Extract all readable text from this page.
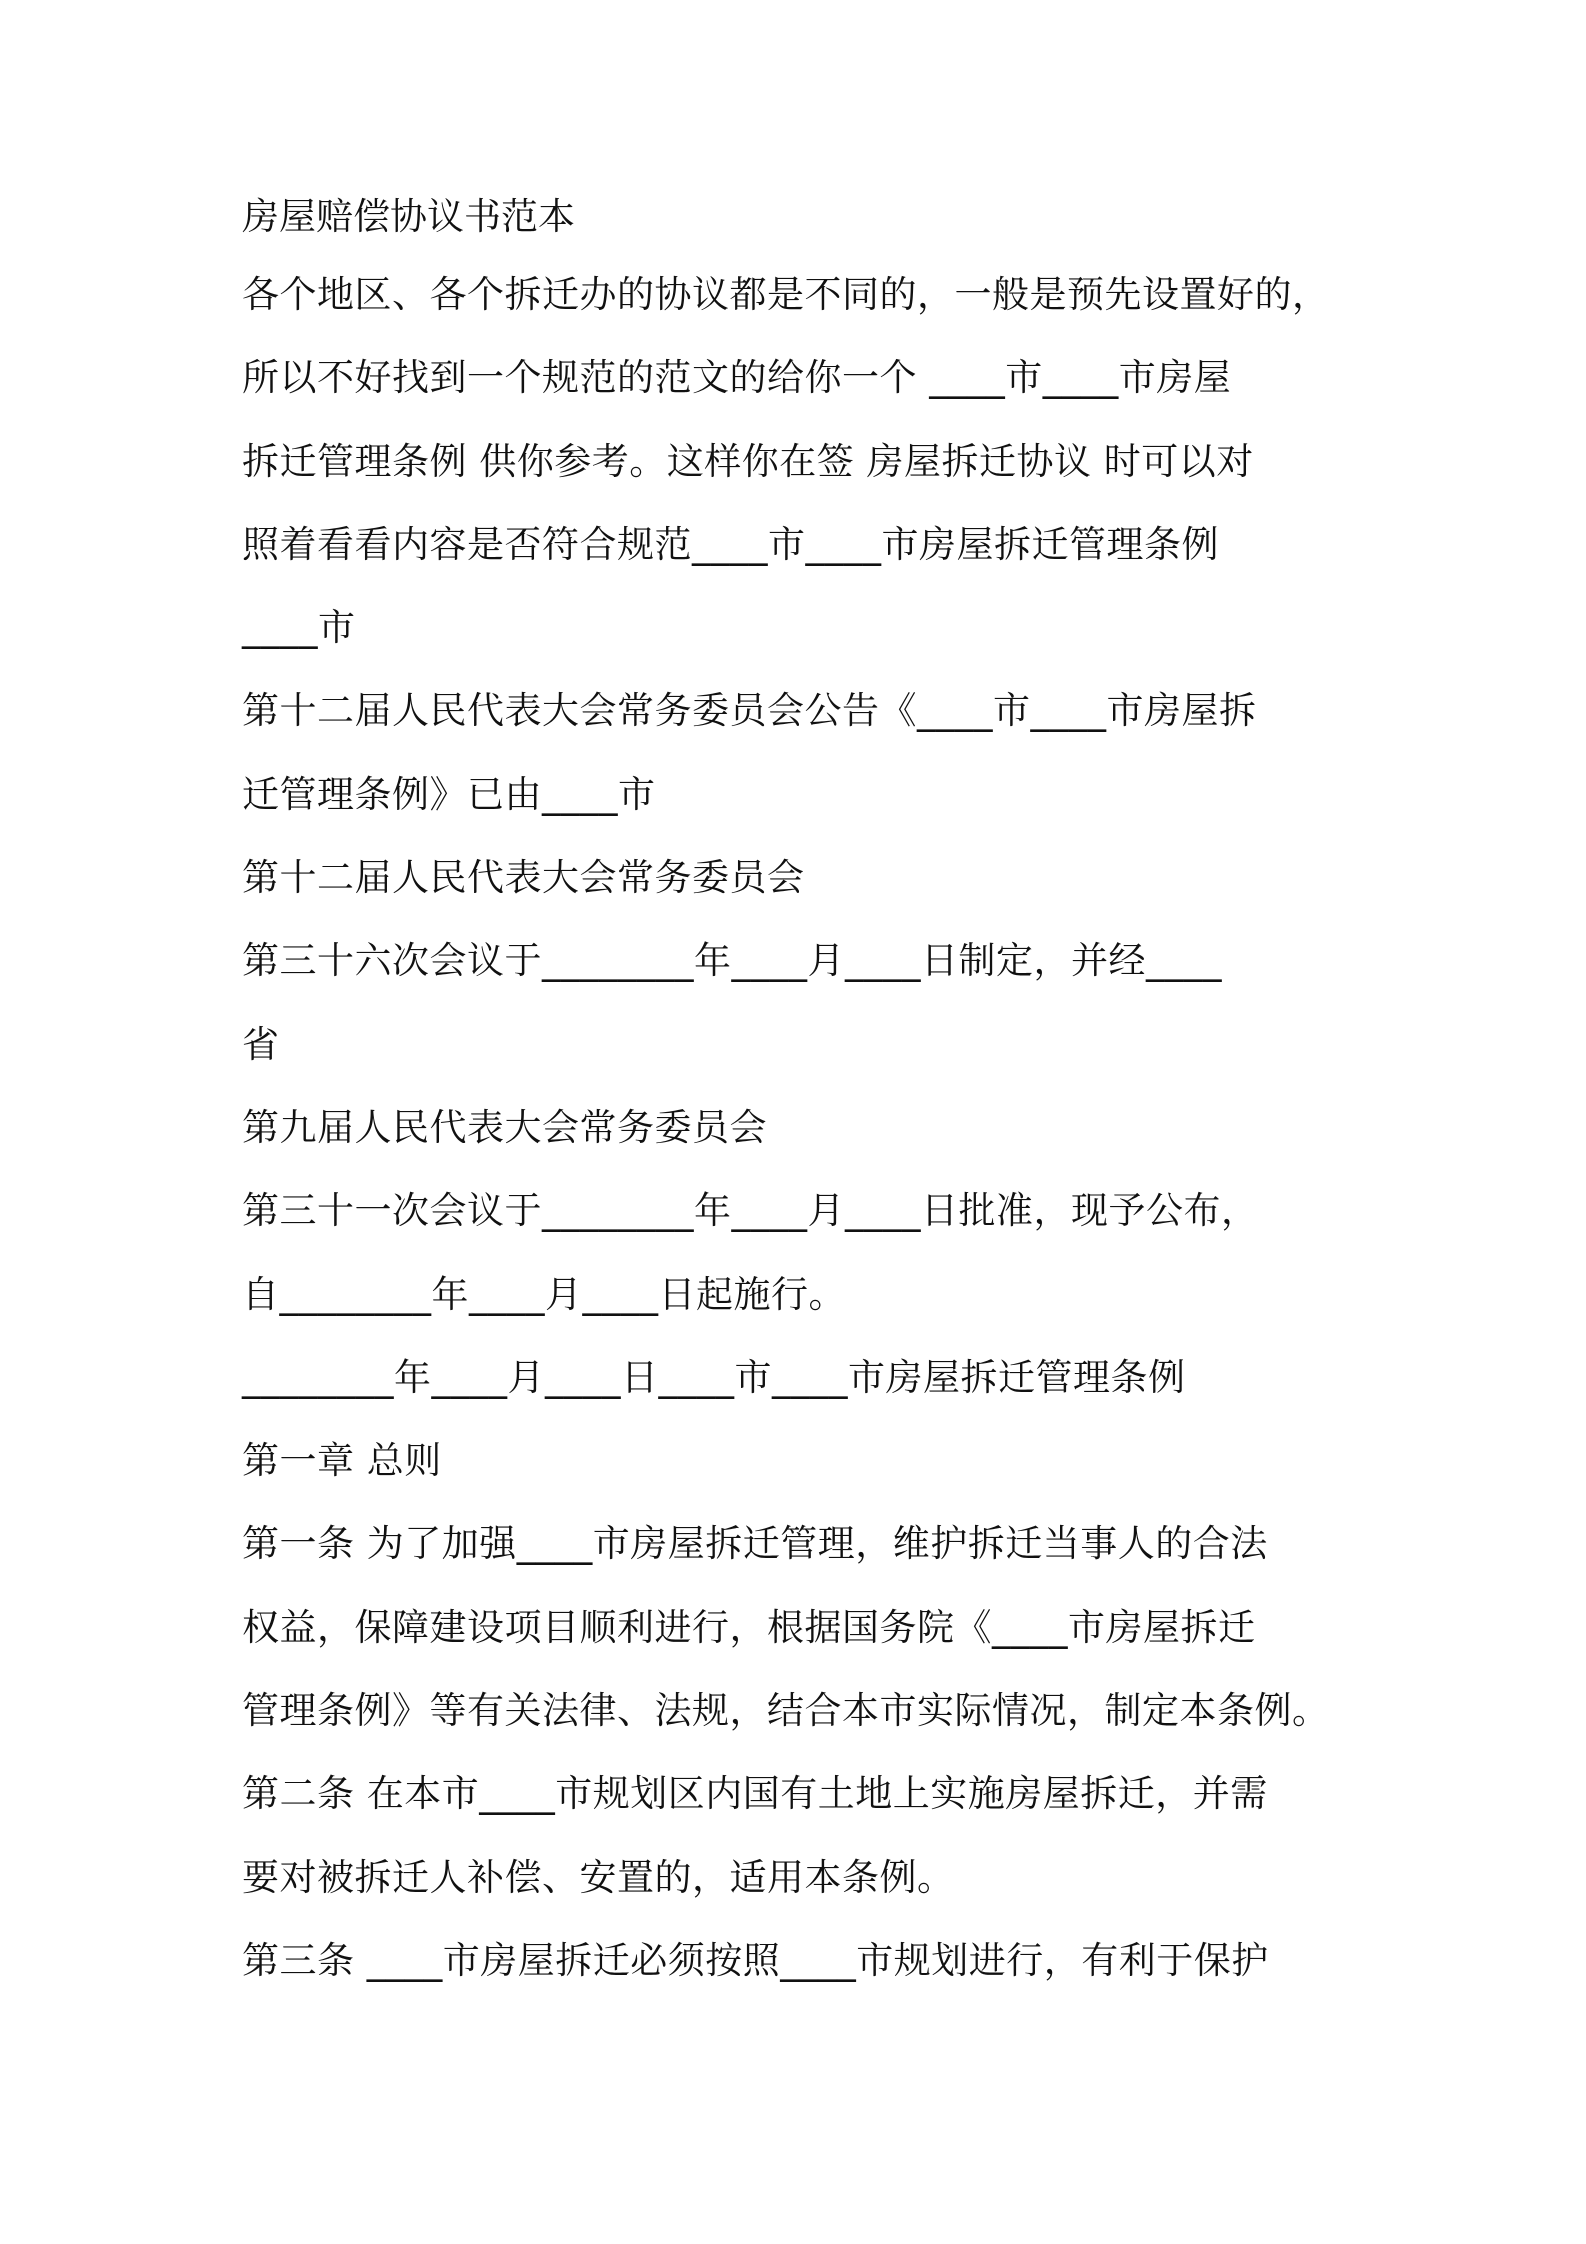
房屋赔偿协议书范本

各个地区、各个拆迁办的协议都是不同的，一般是预先设置好的，

所以不好找到一个规范的范文的给你一个 ____市____市房屋

拆迁管理条例 供你参考。这样你在签 房屋拆迁协议 时可以对

照着看看内容是否符合规范____市____市房屋拆迁管理条例

____市

第十二届人民代表大会常务委员会公告《____市____市房屋拆

迁管理条例》已由____市

第十二届人民代表大会常务委员会

第三十六次会议于________年____月____日制定，并经____

省

第九届人民代表大会常务委员会

第三十一次会议于________年____月____日批准，现予公布，

自________年____月____日起施行。

________年____月____日____市____市房屋拆迁管理条例

第一章 总则

第一条 为了加强____市房屋拆迁管理，维护拆迁当事人的合法

权益，保障建设项目顺利进行，根据国务院《____市房屋拆迁

管理条例》等有关法律、法规，结合本市实际情况，制定本条例。

第二条 在本市____市规划区内国有土地上实施房屋拆迁，并需

要对被拆迁人补偿、安置的，适用本条例。

第三条 ____市房屋拆迁必须按照____市规划进行，有利于保护
